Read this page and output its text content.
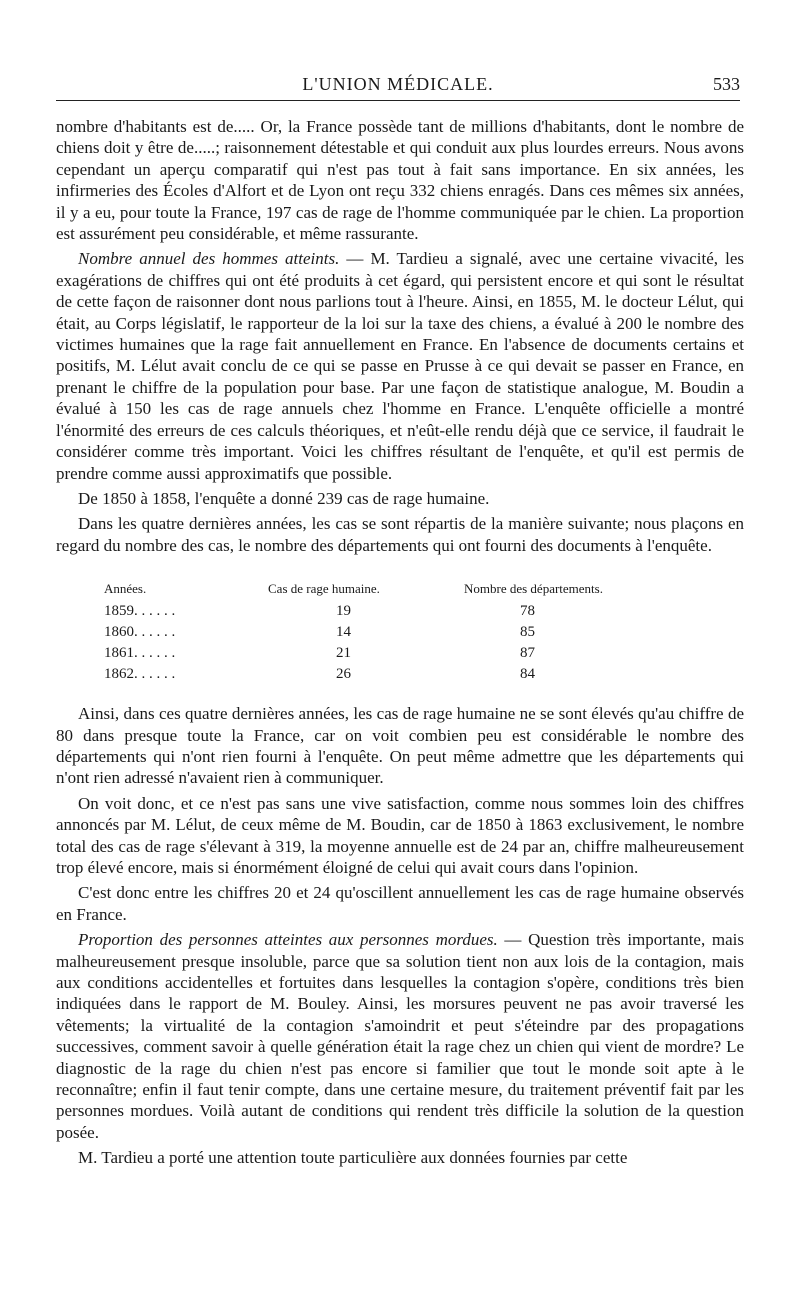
L'UNION MÉDICALE.	533

nombre d'habitants est de..... Or, la France possède tant de millions d'habitants, dont le nombre de chiens doit y être de.....; raisonnement détestable et qui conduit aux plus lourdes erreurs. Nous avons cependant un aperçu comparatif qui n'est pas tout à fait sans importance. En six années, les infirmeries des Écoles d'Alfort et de Lyon ont reçu 332 chiens enragés. Dans ces mêmes six années, il y a eu, pour toute la France, 197 cas de rage de l'homme communiquée par le chien. La proportion est assurément peu considérable, et même rassurante.

Nombre annuel des hommes atteints. — M. Tardieu a signalé, avec une certaine vivacité, les exagérations de chiffres qui ont été produits à cet égard, qui persistent encore et qui sont le résultat de cette façon de raisonner dont nous parlions tout à l'heure. Ainsi, en 1855, M. le docteur Lélut, qui était, au Corps législatif, le rapporteur de la loi sur la taxe des chiens, a évalué à 200 le nombre des victimes humaines que la rage fait annuellement en France. En l'absence de documents certains et positifs, M. Lélut avait conclu de ce qui se passe en Prusse à ce qui devait se passer en France, en prenant le chiffre de la population pour base. Par une façon de statistique analogue, M. Boudin a évalué à 150 les cas de rage annuels chez l'homme en France. L'enquête officielle a montré l'énormité des erreurs de ces calculs théoriques, et n'eût-elle rendu déjà que ce service, il faudrait le considérer comme très important. Voici les chiffres résultant de l'enquête, et qu'il est permis de prendre comme aussi approximatifs que possible.

De 1850 à 1858, l'enquête a donné 239 cas de rage humaine.

Dans les quatre dernières années, les cas se sont répartis de la manière suivante; nous plaçons en regard du nombre des cas, le nombre des départements qui ont fourni des documents à l'enquête.

Années.	Cas de rage humaine.	Nombre des départements.
1859. . . . . .	19	78
1860. . . . . .	14	85
1861. . . . . .	21	87
1862. . . . . .	26	84

Ainsi, dans ces quatre dernières années, les cas de rage humaine ne se sont élevés qu'au chiffre de 80 dans presque toute la France, car on voit combien peu est considérable le nombre des départements qui n'ont rien fourni à l'enquête. On peut même admettre que les départements qui n'ont rien adressé n'avaient rien à communiquer.

On voit donc, et ce n'est pas sans une vive satisfaction, comme nous sommes loin des chiffres annoncés par M. Lélut, de ceux même de M. Boudin, car de 1850 à 1863 exclusivement, le nombre total des cas de rage s'élevant à 319, la moyenne annuelle est de 24 par an, chiffre malheureusement trop élevé encore, mais si énormément éloigné de celui qui avait cours dans l'opinion.

C'est donc entre les chiffres 20 et 24 qu'oscillent annuellement les cas de rage humaine observés en France.

Proportion des personnes atteintes aux personnes mordues. — Question très importante, mais malheureusement presque insoluble, parce que sa solution tient non aux lois de la contagion, mais aux conditions accidentelles et fortuites dans lesquelles la contagion s'opère, conditions très bien indiquées dans le rapport de M. Bouley. Ainsi, les morsures peuvent ne pas avoir traversé les vêtements; la virtualité de la contagion s'amoindrit et peut s'éteindre par des propagations successives, comment savoir à quelle génération était la rage chez un chien qui vient de mordre? Le diagnostic de la rage du chien n'est pas encore si familier que tout le monde soit apte à le reconnaître; enfin il faut tenir compte, dans une certaine mesure, du traitement préventif fait par les personnes mordues. Voilà autant de conditions qui rendent très difficile la solution de la question posée.

M. Tardieu a porté une attention toute particulière aux données fournies par cette
